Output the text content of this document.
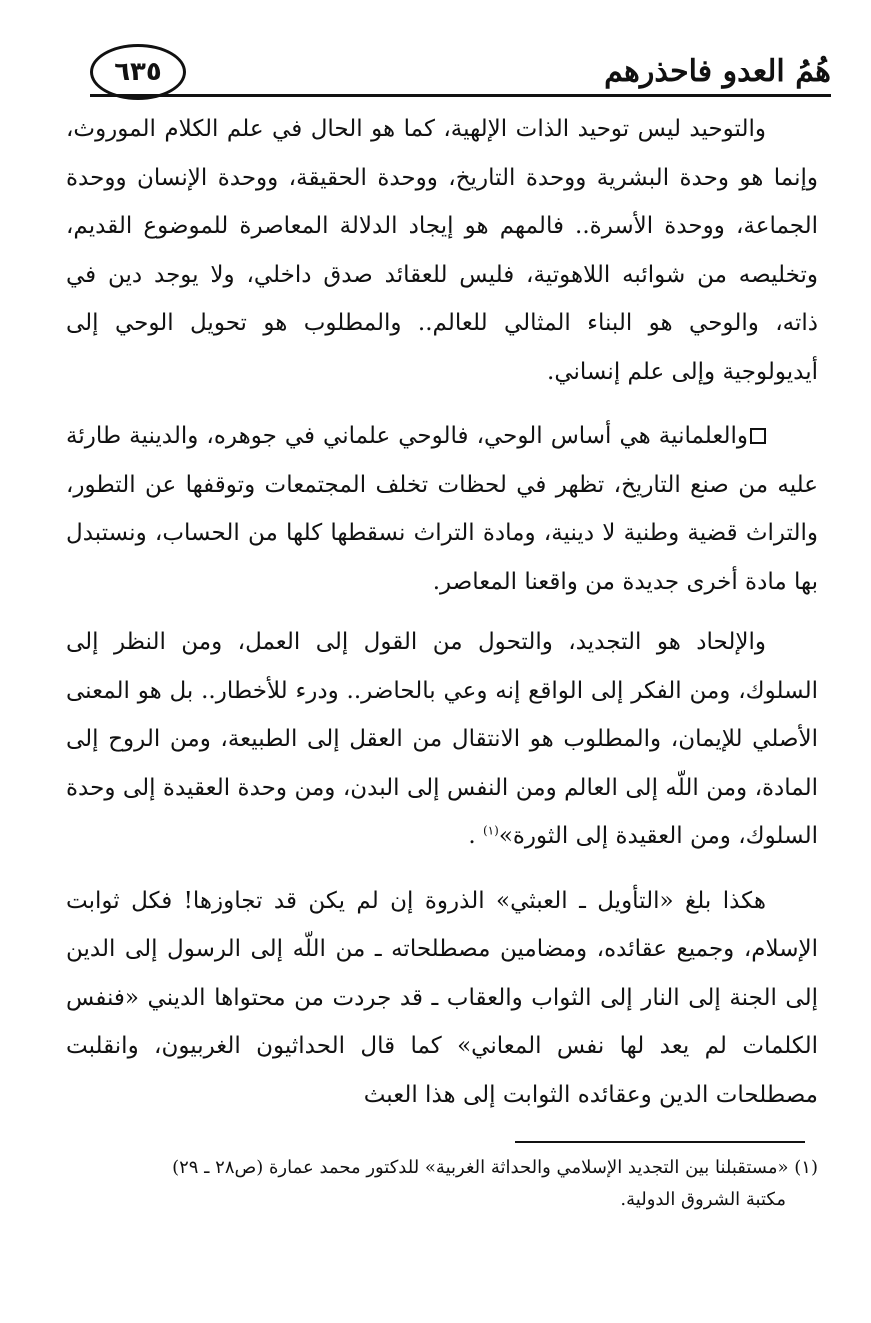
هُمُ العدو فاحذرهم
٦٣٥

والتوحيد ليس توحيد الذات الإلهية، كما هو الحال في علم الكلام الموروث، وإنما هو وحدة البشرية ووحدة التاريخ، ووحدة الحقيقة، ووحدة الإنسان ووحدة الجماعة، ووحدة الأسرة.. فالمهم هو إيجاد الدلالة المعاصرة للموضوع القديم، وتخليصه من شوائبه اللاهوتية، فليس للعقائد صدق داخلي، ولا يوجد دين في ذاته، والوحي هو البناء المثالي للعالم.. والمطلوب هو تحويل الوحي إلى أيديولوجية وإلى علم إنساني.

والعلمانية هي أساس الوحي، فالوحي علماني في جوهره، والدينية طارئة عليه من صنع التاريخ، تظهر في لحظات تخلف المجتمعات وتوقفها عن التطور، والتراث قضية وطنية لا دينية، ومادة التراث نسقطها كلها من الحساب، ونستبدل بها مادة أخرى جديدة من واقعنا المعاصر.

والإلحاد هو التجديد، والتحول من القول إلى العمل، ومن النظر إلى السلوك، ومن الفكر إلى الواقع إنه وعي بالحاضر.. ودرء للأخطار.. بل هو المعنى الأصلي للإيمان، والمطلوب هو الانتقال من العقل إلى الطبيعة، ومن الروح إلى المادة، ومن اللّه إلى العالم ومن النفس إلى البدن، ومن وحدة العقيدة إلى وحدة السلوك، ومن العقيدة إلى الثورة»$^{(١)}$ .

هكذا بلغ «التأويل ـ العبثي» الذروة إن لم يكن قد تجاوزها! فكل ثوابت الإسلام، وجميع عقائده، ومضامين مصطلحاته ـ من اللّه إلى الرسول إلى الدين إلى الجنة إلى النار إلى الثواب والعقاب ـ قد جردت من محتواها الديني «فنفس الكلمات لم يعد لها نفس المعاني» كما قال الحداثيون الغربيون، وانقلبت مصطلحات الدين وعقائده الثوابت إلى هذا العبث

(١) «مستقبلنا بين التجديد الإسلامي والحداثة الغربية» للدكتور محمد عمارة (ص٢٨ ـ ٢٩)
مكتبة الشروق الدولية.
